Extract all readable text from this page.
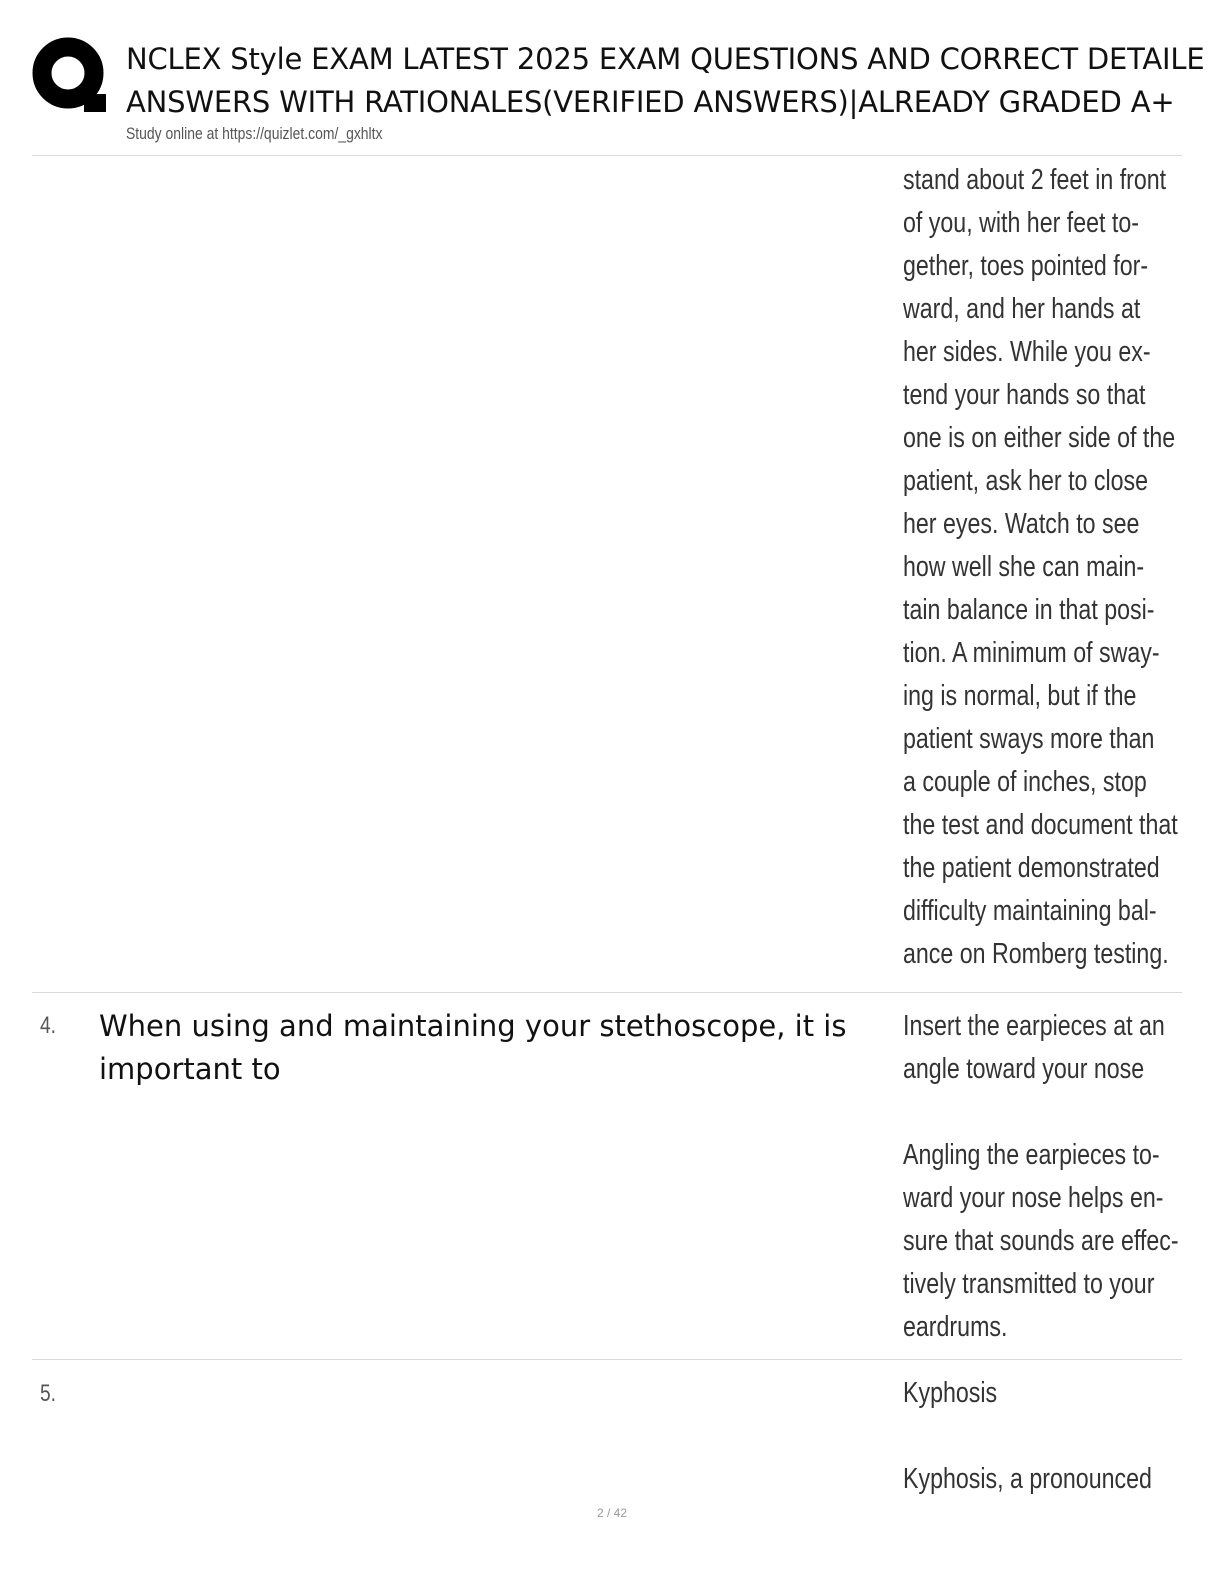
NCLEX Style EXAM LATEST 2025 EXAM QUESTIONS AND CORRECT DETAILE
ANSWERS WITH RATIONALES(VERIFIED ANSWERS)|ALREADY GRADED A+
Study online at https://quizlet.com/_gxhltx

stand about 2 feet in front
of you, with her feet to-
gether, toes pointed for-
ward, and her hands at
her sides. While you ex-
tend your hands so that
one is on either side of the
patient, ask her to close
her eyes. Watch to see
how well she can main-
tain balance in that posi-
tion. A minimum of sway-
ing is normal, but if the
patient sways more than
a couple of inches, stop
the test and document that
the patient demonstrated
difficulty maintaining bal-
ance on Romberg testing.

4. When using and maintaining your stethoscope, it is important to

Insert the earpieces at an
angle toward your nose

Angling the earpieces to-
ward your nose helps en-
sure that sounds are effec-
tively transmitted to your
eardrums.

5.	Kyphosis

Kyphosis, a pronounced

2 / 42
